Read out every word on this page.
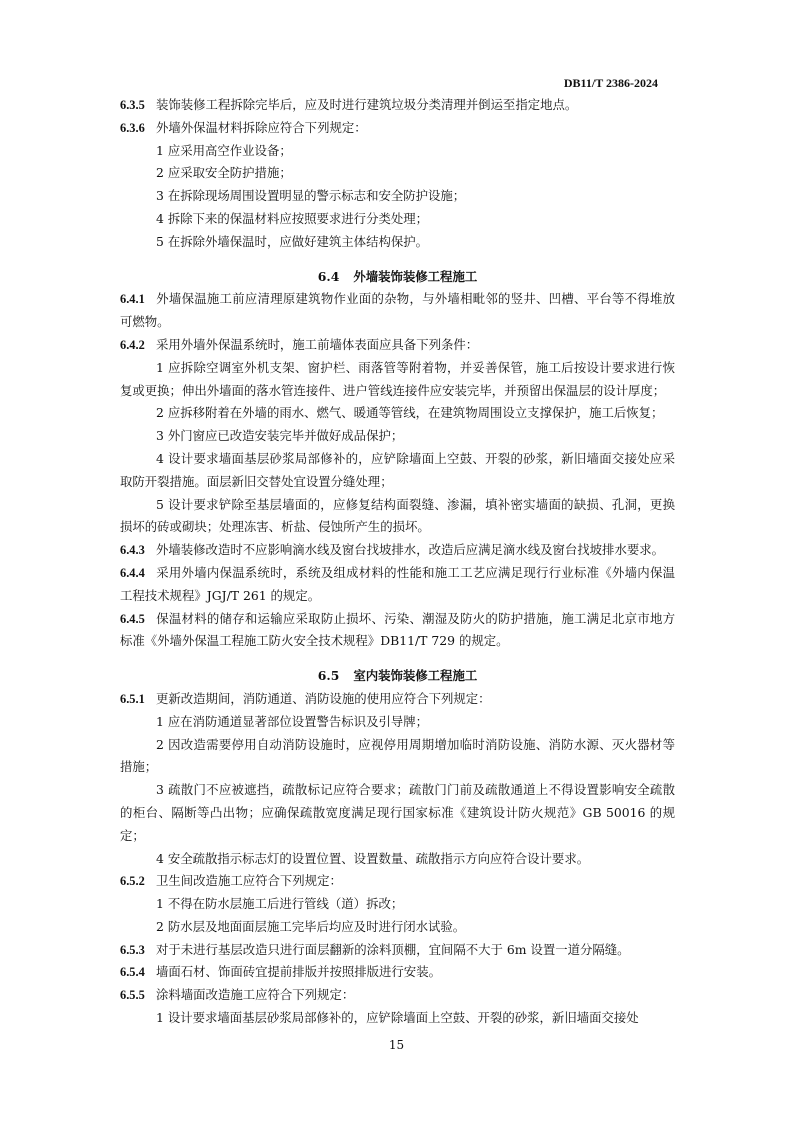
DB11/T 2386-2024

6.3.5 装饰装修工程拆除完毕后，应及时进行建筑垃圾分类清理并倒运至指定地点。

6.3.6 外墙外保温材料拆除应符合下列规定：

1 应采用高空作业设备；

2 应采取安全防护措施；

3 在拆除现场周围设置明显的警示标志和安全防护设施；

4 拆除下来的保温材料应按照要求进行分类处理；

5 在拆除外墙保温时，应做好建筑主体结构保护。

6.4 外墙装饰装修工程施工

6.4.1 外墙保温施工前应清理原建筑物作业面的杂物，与外墙相毗邻的竖井、凹槽、平台等不得堆放可燃物。

6.4.2 采用外墙外保温系统时，施工前墙体表面应具备下列条件：

1 应拆除空调室外机支架、窗护栏、雨落管等附着物，并妥善保管，施工后按设计要求进行恢复或更换；伸出外墙面的落水管连接件、进户管线连接件应安装完毕，并预留出保温层的设计厚度；

2 应拆移附着在外墙的雨水、燃气、暖通等管线，在建筑物周围设立支撑保护，施工后恢复；

3 外门窗应已改造安装完毕并做好成品保护；

4 设计要求墙面基层砂浆局部修补的，应铲除墙面上空鼓、开裂的砂浆，新旧墙面交接处应采取防开裂措施。面层新旧交替处宜设置分缝处理；

5 设计要求铲除至基层墙面的，应修复结构面裂缝、渗漏，填补密实墙面的缺损、孔洞，更换损坏的砖或砌块；处理冻害、析盐、侵蚀所产生的损坏。

6.4.3 外墙装修改造时不应影响滴水线及窗台找坡排水，改造后应满足滴水线及窗台找坡排水要求。

6.4.4 采用外墙内保温系统时，系统及组成材料的性能和施工工艺应满足现行行业标准《外墙内保温工程技术规程》JGJ/T 261 的规定。

6.4.5 保温材料的储存和运输应采取防止损坏、污染、潮湿及防火的防护措施，施工满足北京市地方标准《外墙外保温工程施工防火安全技术规程》DB11/T 729 的规定。

6.5 室内装饰装修工程施工

6.5.1 更新改造期间，消防通道、消防设施的使用应符合下列规定：

1 应在消防通道显著部位设置警告标识及引导牌；

2 因改造需要停用自动消防设施时，应视停用周期增加临时消防设施、消防水源、灭火器材等措施；

3 疏散门不应被遮挡，疏散标记应符合要求；疏散门门前及疏散通道上不得设置影响安全疏散的柜台、隔断等凸出物；应确保疏散宽度满足现行国家标准《建筑设计防火规范》GB 50016 的规定；

4 安全疏散指示标志灯的设置位置、设置数量、疏散指示方向应符合设计要求。

6.5.2 卫生间改造施工应符合下列规定：

1 不得在防水层施工后进行管线（道）拆改；

2 防水层及地面面层施工完毕后均应及时进行闭水试验。

6.5.3 对于未进行基层改造只进行面层翻新的涂料顶棚，宜间隔不大于 6m 设置一道分隔缝。

6.5.4 墙面石材、饰面砖宜提前排版并按照排版进行安装。

6.5.5 涂料墙面改造施工应符合下列规定：

1 设计要求墙面基层砂浆局部修补的，应铲除墙面上空鼓、开裂的砂浆，新旧墙面交接处

15
